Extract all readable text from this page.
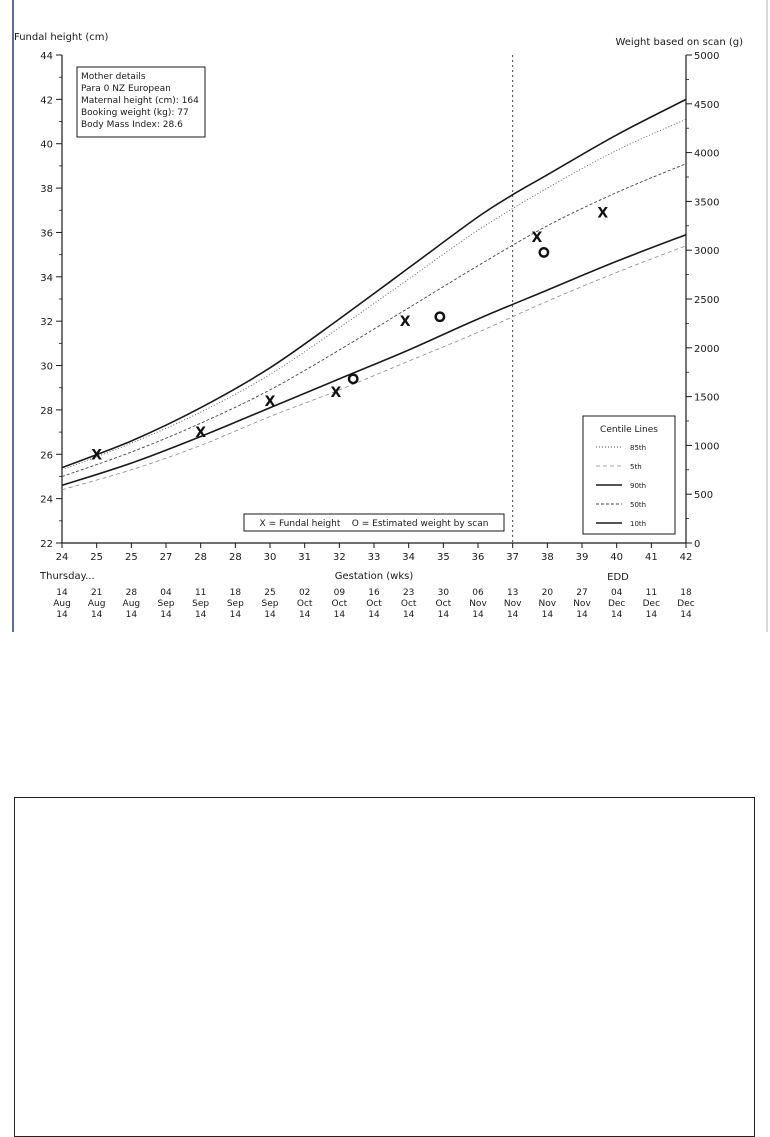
X
X
X
X
X
X
X
22
24
26
28
30
32
34
36
38
40
42
44
0
500
1000
1500
2000
2500
3000
3500
4000
4500
5000
24
14
Aug
14
25
21
Aug
14
25
28
Aug
14
27
04
Sep
14
28
11
Sep
14
28
18
Sep
14
30
25
Sep
14
31
02
Oct
14
32
09
Oct
14
33
16
Oct
14
34
23
Oct
14
35
30
Oct
14
36
06
Nov
14
37
13
Nov
14
38
20
Nov
14
39
27
Nov
14
40
04
Dec
14
41
11
Dec
14
42
18
Dec
14
Fundal height (cm)	Weight based on scan (g)
Gestation (wks)
Thursday...	EDD
Mother details
Para 0 NZ European
Maternal height (cm): 164
Booking weight (kg): 77
Body Mass Index: 28.6
X = Fundal height    O = Estimated weight by scan
Centile Lines
85th
5th
90th
50th
10th
